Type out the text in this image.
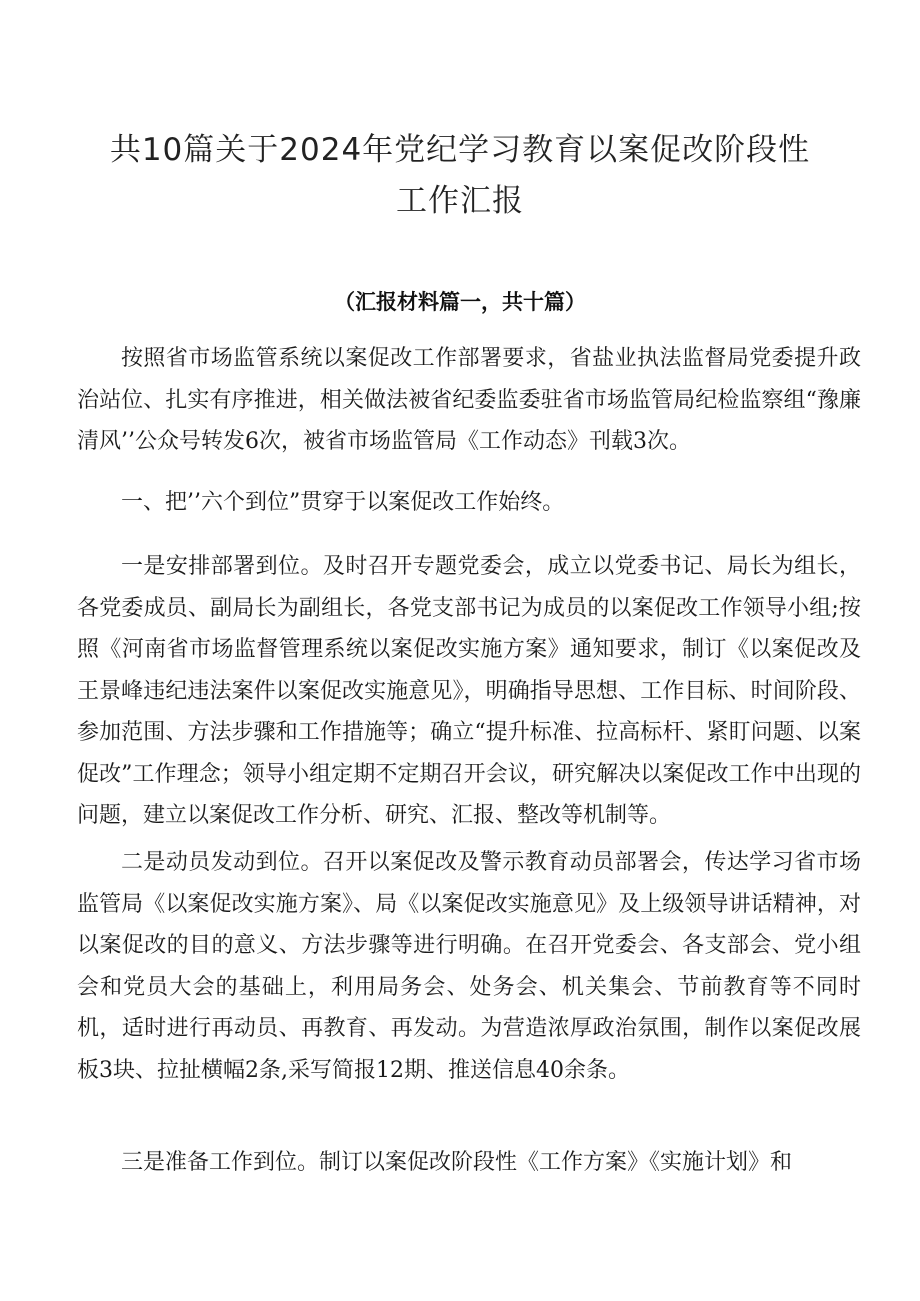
共10篇关于2024年党纪学习教育以案促改阶段性
工作汇报
（汇报材料篇一，共十篇）

按照省市场监管系统以案促改工作部署要求，省盐业执法监督局党委提升政治站位、扎实有序推进，相关做法被省纪委监委驻省市场监管局纪检监察组“豫廉清风’’公众号转发6次，被省市场监管局《工作动态》刊载3次。

一、把’’六个到位”贯穿于以案促改工作始终。

一是安排部署到位。及时召开专题党委会，成立以党委书记、局长为组长，各党委成员、副局长为副组长，各党支部书记为成员的以案促改工作领导小组;按照《河南省市场监督管理系统以案促改实施方案》通知要求，制订《以案促改及王景峰违纪违法案件以案促改实施意见》，明确指导思想、工作目标、时间阶段、参加范围、方法步骤和工作措施等；确立“提升标准、拉高标杆、紧盯问题、以案促改”工作理念；领导小组定期不定期召开会议，研究解决以案促改工作中出现的问题，建立以案促改工作分析、研究、汇报、整改等机制等。

二是动员发动到位。召开以案促改及警示教育动员部署会，传达学习省市场监管局《以案促改实施方案》、局《以案促改实施意见》及上级领导讲话精神，对以案促改的目的意义、方法步骤等进行明确。在召开党委会、各支部会、党小组会和党员大会的基础上，利用局务会、处务会、机关集会、节前教育等不同时机，适时进行再动员、再教育、再发动。为营造浓厚政治氛围，制作以案促改展板3块、拉扯横幅2条,采写简报12期、推送信息40余条。

三是准备工作到位。制订以案促改阶段性《工作方案》《实施计划》和
